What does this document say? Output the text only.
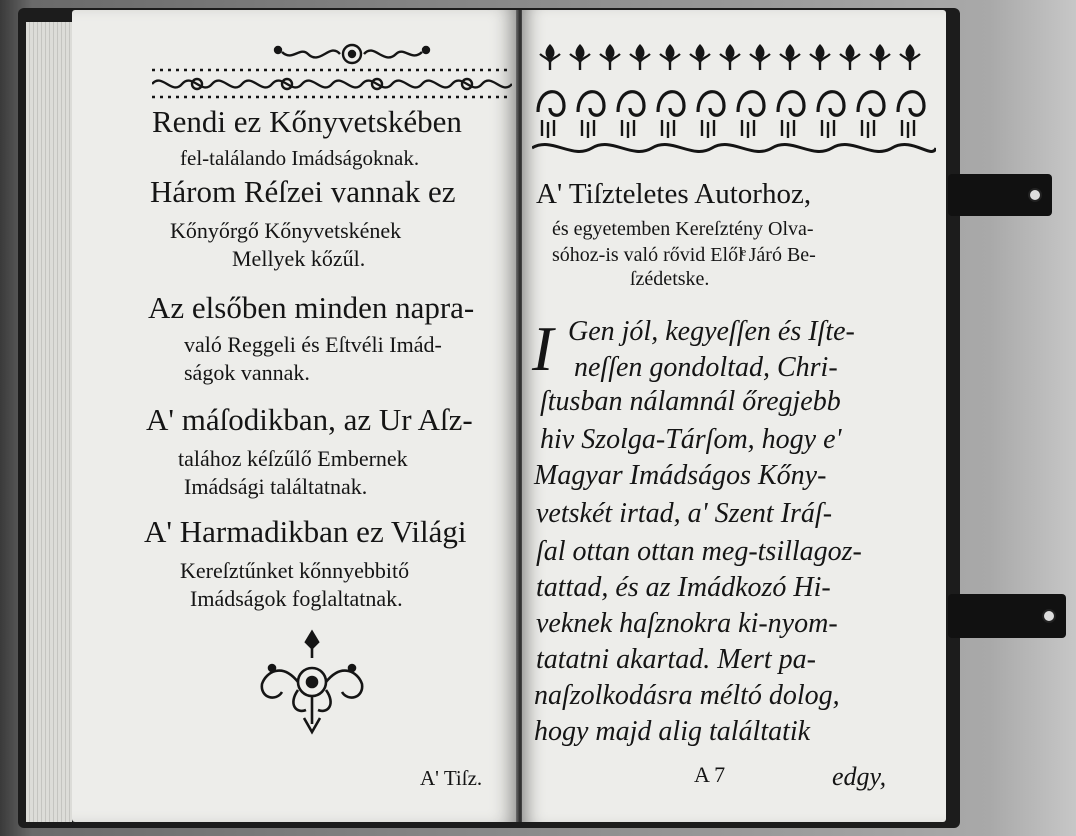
Rendi ez Kőnyvetskében
fel-találando Imádságoknak.
Három Réſzei vannak ez
Kőnyőrgő Kőnyvetskének
Mellyek kőzűl.
Az elsőben minden napra-
való Reggeli és Eſtvéli Imád-
ságok vannak.
A' máſodikban, az Ur Aſz-
talához kéſzűlő Embernek
Imádsági találtatnak.
A' Harmadikban ez Világi
Kereſztűnket kőnnyebbitő
Imádságok foglaltatnak.
A' Tiſz.
A' Tiſzteletes Autorhoz,
és egyetemben Kereſztény Olva-
sóhoz-is való rővid Előlͤ Járó Be-
ſzédetske.
I Gen jól, kegyeſſen és Iſte-
neſſen gondoltad, Chri-
ſtusban nálamnál őregjebb
hiv Szolga-Tárſom, hogy e'
Magyar Imádságos Kőny-
vetskét irtad, a' Szent Iráſ-
ſal ottan ottan meg-tsillagoz-
tattad, és az Imádkozó Hi-
veknek haſznokra ki-nyom-
tatatni akartad. Mert pa-
naſzolkodásra méltó dolog,
hogy majd alig találtatik
A 7	edgy,
